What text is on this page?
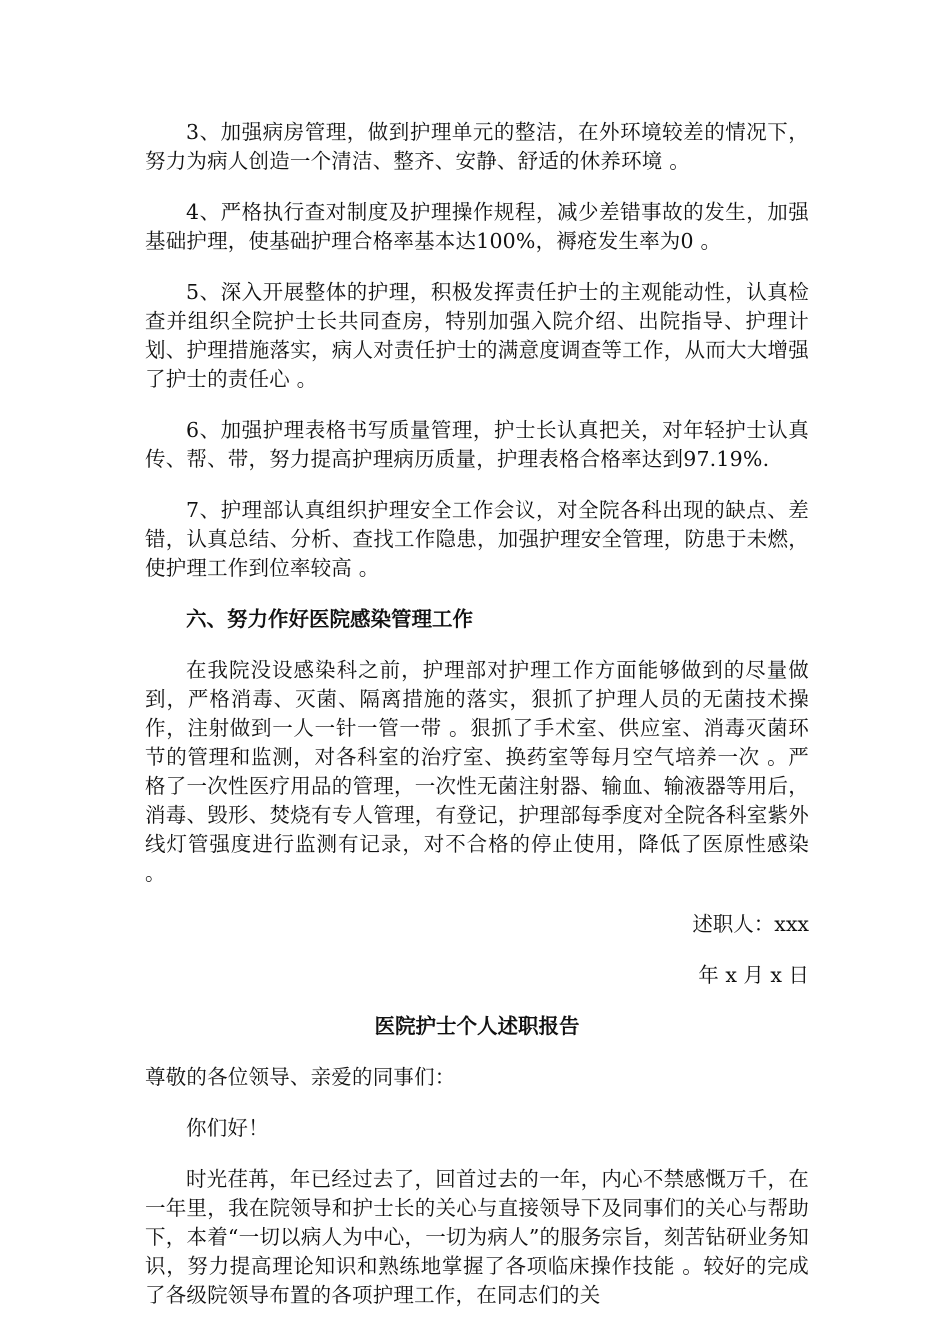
3、加强病房管理，做到护理单元的整洁，在外环境较差的情况下，努力为病人创造一个清洁、整齐、安静、舒适的休养环境 。

4、严格执行查对制度及护理操作规程，减少差错事故的发生，加强基础护理，使基础护理合格率基本达100%，褥疮发生率为0 。

5、深入开展整体的护理，积极发挥责任护士的主观能动性，认真检查并组织全院护士长共同查房，特别加强入院介绍、出院指导、护理计划、护理措施落实，病人对责任护士的满意度调查等工作，从而大大增强了护士的责任心 。

6、加强护理表格书写质量管理，护士长认真把关，对年轻护士认真传、帮、带，努力提高护理病历质量，护理表格合格率达到97.19%.

7、护理部认真组织护理安全工作会议，对全院各科出现的缺点、差错，认真总结、分析、查找工作隐患，加强护理安全管理，防患于未燃，使护理工作到位率较高 。

六、努力作好医院感染管理工作

在我院没设感染科之前，护理部对护理工作方面能够做到的尽量做到，严格消毒、灭菌、隔离措施的落实，狠抓了护理人员的无菌技术操作，注射做到一人一针一管一带 。狠抓了手术室、供应室、消毒灭菌环节的管理和监测，对各科室的治疗室、换药室等每月空气培养一次 。严格了一次性医疗用品的管理，一次性无菌注射器、输血、输液器等用后，消毒、毁形、焚烧有专人管理，有登记，护理部每季度对全院各科室紫外线灯管强度进行监测有记录，对不合格的停止使用，降低了医原性感染 。

述职人：xxx
年 x 月 x 日
医院护士个人述职报告

尊敬的各位领导、亲爱的同事们：

你们好！

时光荏苒，年已经过去了，回首过去的一年，内心不禁感慨万千，在一年里，我在院领导和护士长的关心与直接领导下及同事们的关心与帮助下，本着“一切以病人为中心，一切为病人”的服务宗旨，刻苦钻研业务知识，努力提高理论知识和熟练地掌握了各项临床操作技能 。较好的完成了各级院领导布置的各项护理工作，在同志们的关
